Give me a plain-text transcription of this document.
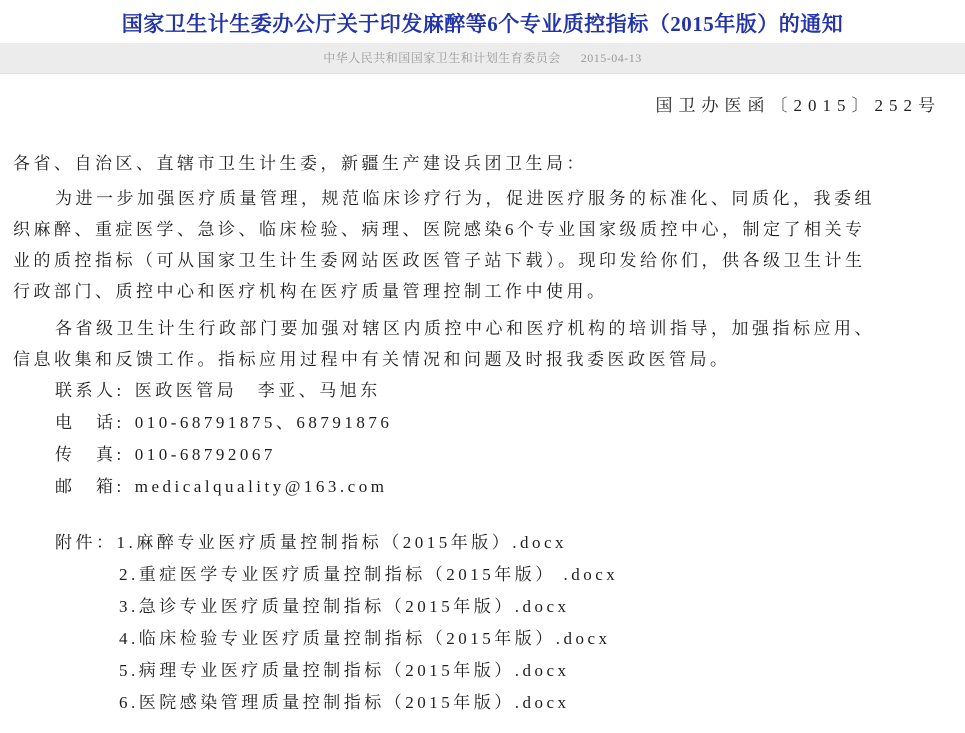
国家卫生计生委办公厅关于印发麻醉等6个专业质控指标（2015年版）的通知
中华人民共和国国家卫生和计划生育委员会 2015-04-13
国卫办医函〔2015〕252号
各省、自治区、直辖市卫生计生委，新疆生产建设兵团卫生局：
为进一步加强医疗质量管理，规范临床诊疗行为，促进医疗服务的标准化、同质化，我委组
织麻醉、重症医学、急诊、临床检验、病理、医院感染6个专业国家级质控中心，制定了相关专
业的质控指标（可从国家卫生计生委网站医政医管子站下载）。现印发给你们，供各级卫生计生
行政部门、质控中心和医疗机构在医疗质量管理控制工作中使用。
各省级卫生计生行政部门要加强对辖区内质控中心和医疗机构的培训指导，加强指标应用、
信息收集和反馈工作。指标应用过程中有关情况和问题及时报我委医政医管局。
联系人: 医政医管局　李亚、马旭东
电　话: 010-68791875、68791876
传　真: 010-68792067
邮　箱: medicalquality@163.com
附件：1.麻醉专业医疗质量控制指标（2015年版）.docx
2.重症医学专业医疗质量控制指标（2015年版） .docx
3.急诊专业医疗质量控制指标（2015年版）.docx
4.临床检验专业医疗质量控制指标（2015年版）.docx
5.病理专业医疗质量控制指标（2015年版）.docx
6.医院感染管理质量控制指标（2015年版）.docx
